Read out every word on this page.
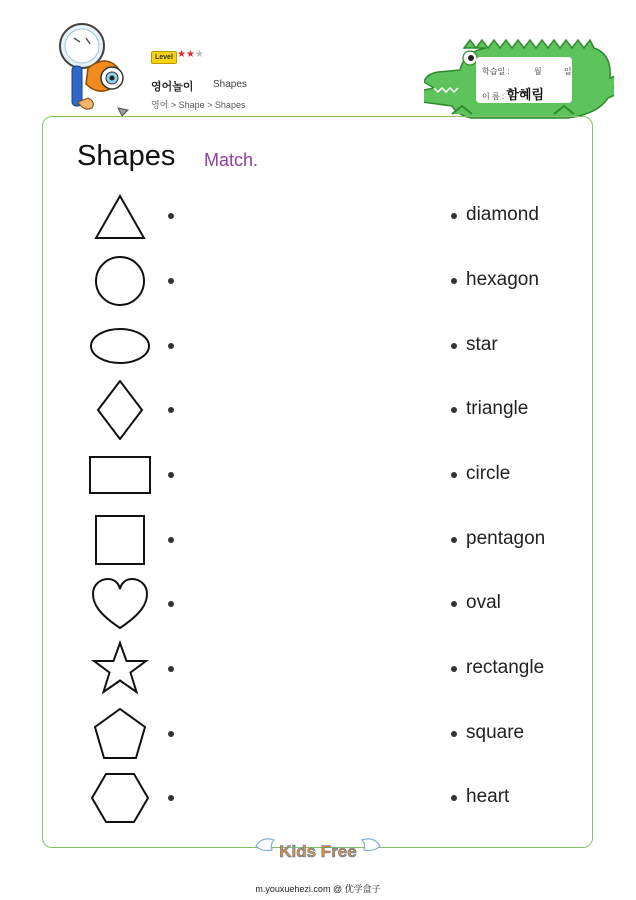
Level ★★★
영어놀이 Shapes
영어 > Shape > Shapes
학습일 :	월	일
이 름 : 함혜림
Shapes Match.
diamond
hexagon
star
triangle
circle
pentagon
oval
rectangle
square
heart
Kids Free
m.youxuehezi.com @ 优学盒子
